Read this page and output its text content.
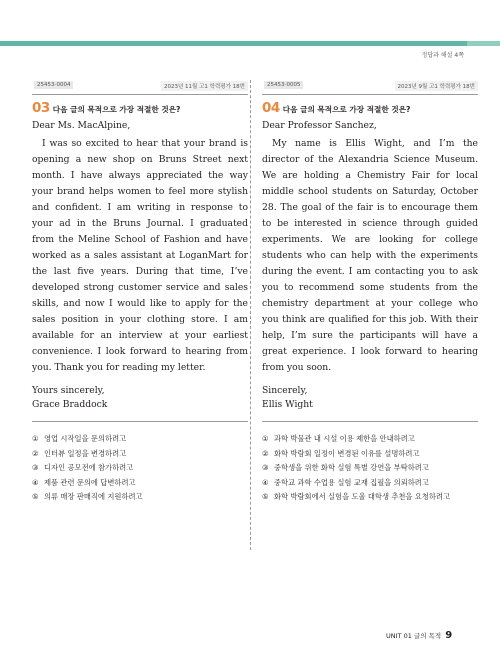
정답과 해설 4쪽
25453-0004	2023년 11월 고1 학력평가 18번
03 다음 글의 목적으로 가장 적절한 것은?

Dear Ms. MacAlpine,

I was so excited to hear that your brand is opening a new shop on Bruns Street next month. I have always appreciated the way your brand helps women to feel more stylish and confident. I am writing in response to your ad in the Bruns Journal. I graduated from the Meline School of Fashion and have worked as a sales assistant at LoganMart for the last five years. During that time, I’ve developed strong customer service and sales skills, and now I would like to apply for the sales position in your clothing store. I am available for an interview at your earliest convenience. I look forward to hearing from you. Thank you for reading my letter.

Yours sincerely,
Grace Braddock

① 영업 시작일을 문의하려고
② 인터뷰 일정을 변경하려고
③ 디자인 공모전에 참가하려고
④ 제품 관련 문의에 답변하려고
⑤ 의류 매장 판매직에 지원하려고
25453-0005	2023년 9월 고1 학력평가 18번
04 다음 글의 목적으로 가장 적절한 것은?

Dear Professor Sanchez,

My name is Ellis Wight, and I’m the director of the Alexandria Science Museum. We are holding a Chemistry Fair for local middle school students on Saturday, October 28. The goal of the fair is to encourage them to be interested in science through guided experiments. We are looking for college students who can help with the experiments during the event. I am contacting you to ask you to recommend some students from the chemistry department at your college who you think are qualified for this job. With their help, I’m sure the participants will have a great experience. I look forward to hearing from you soon.

Sincerely,
Ellis Wight

① 과학 박물관 내 시설 이용 제한을 안내하려고
② 화학 박람회 일정이 변경된 이유를 설명하려고
③ 중학생을 위한 화학 실험 특별 강연을 부탁하려고
④ 중학교 과학 수업용 실험 교재 집필을 의뢰하려고
⑤ 화학 박람회에서 실험을 도울 대학생 추천을 요청하려고
UNIT 01 글의 목적 9
